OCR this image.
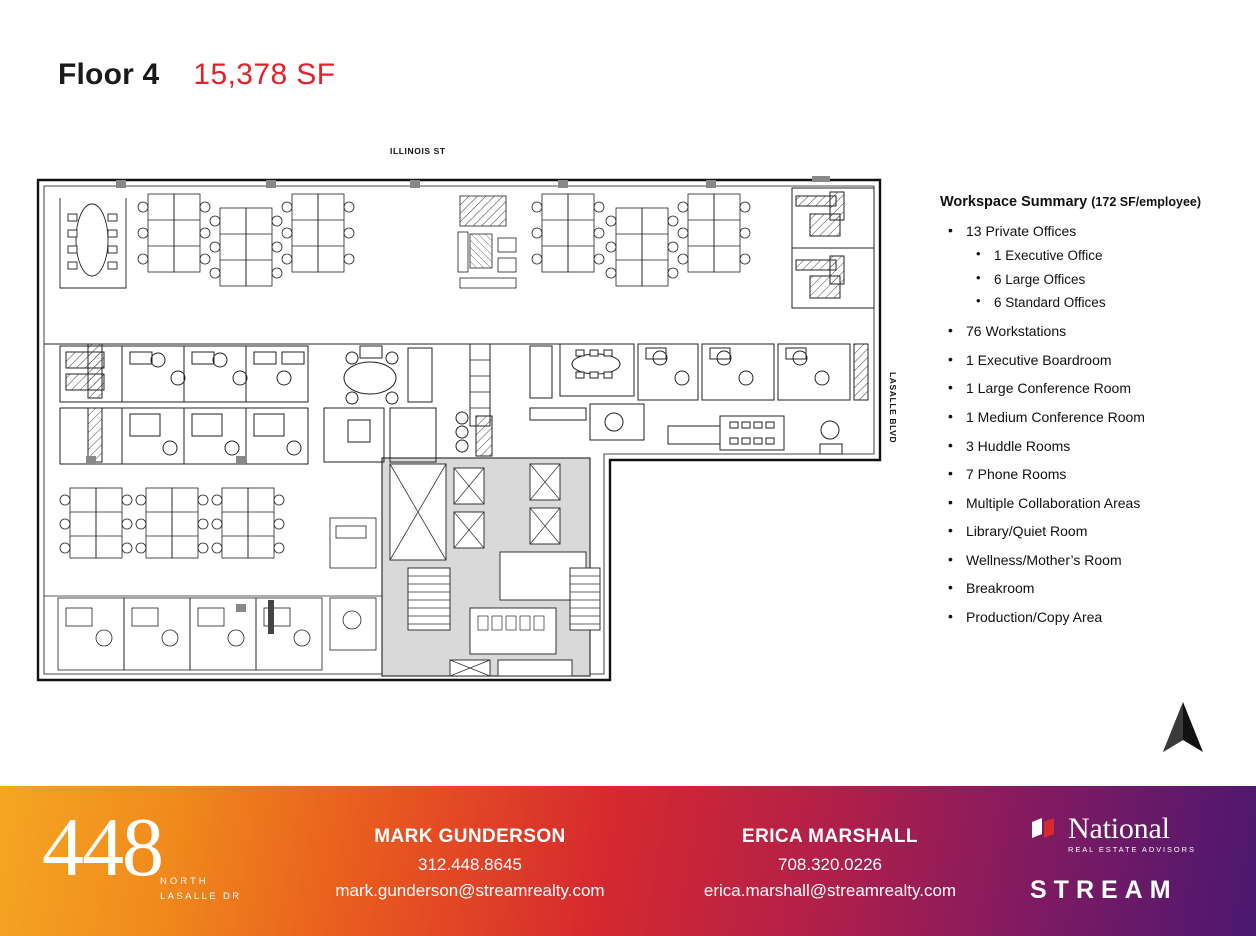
Floor 4 15,378 SF
ILLINOIS ST
LASALLE BLVD
Workspace Summary (172 SF/employee)
• 13 Private Offices
• 1 Executive Office
• 6 Large Offices
• 6 Standard Offices
• 76 Workstations
• 1 Executive Boardroom
• 1 Large Conference Room
• 1 Medium Conference Room
• 3 Huddle Rooms
• 7 Phone Rooms
• Multiple Collaboration Areas
• Library/Quiet Room
• Wellness/Mother’s Room
• Breakroom
• Production/Copy Area
448
NORTH
LASALLE DR
MARK GUNDERSON
312.448.8645
mark.gunderson@streamrealty.com
ERICA MARSHALL
708.320.0226
erica.marshall@streamrealty.com
National
REAL ESTATE ADVISORS
STREAM
